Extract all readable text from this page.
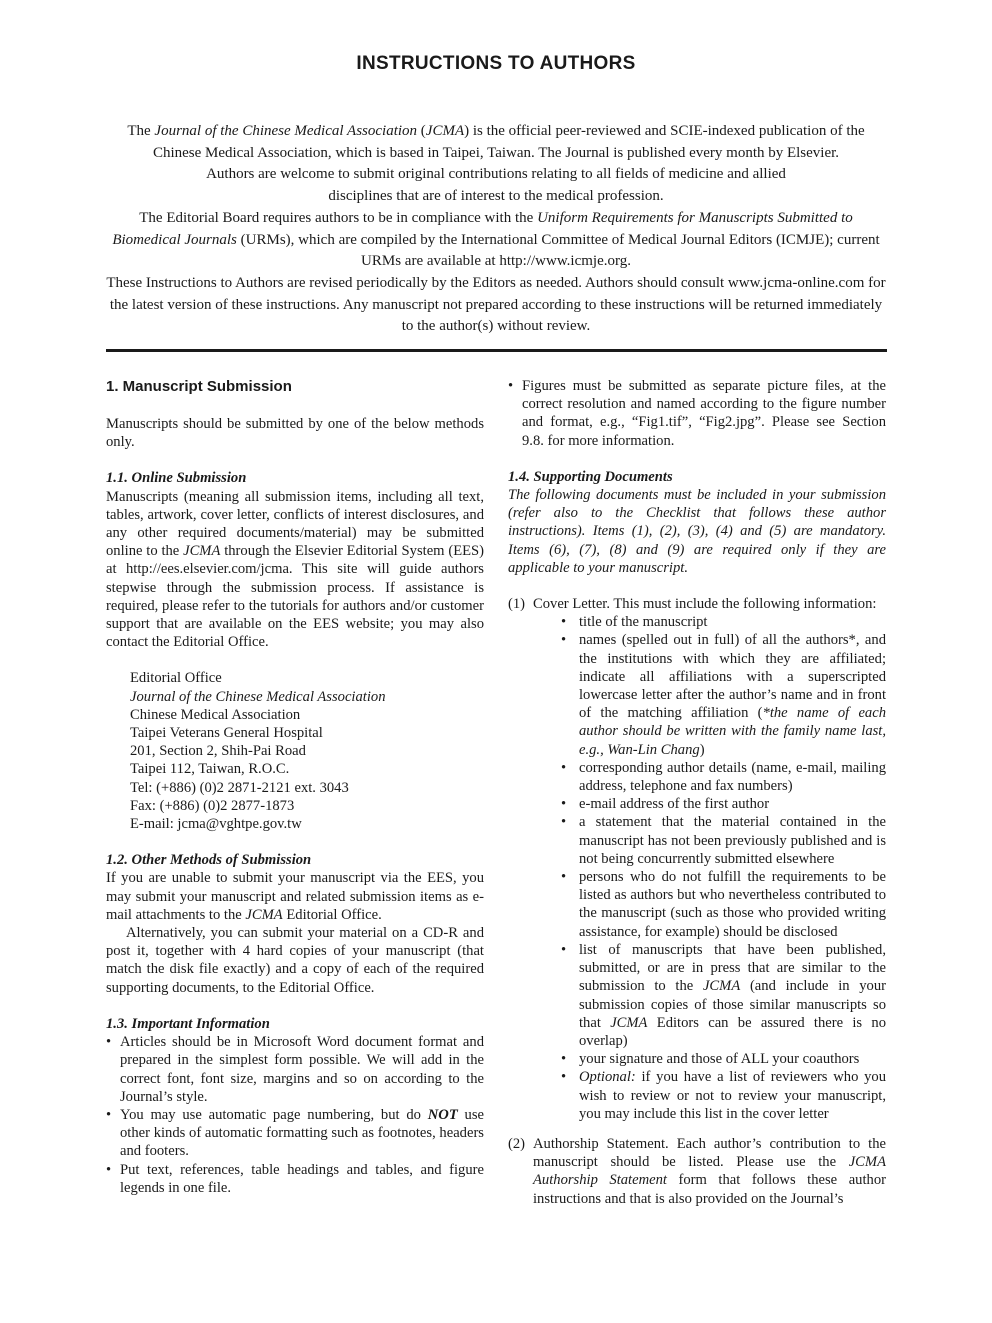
INSTRUCTIONS TO AUTHORS

The Journal of the Chinese Medical Association (JCMA) is the official peer-reviewed and SCIE-indexed publication of the Chinese Medical Association, which is based in Taipei, Taiwan. The Journal is published every month by Elsevier.

Authors are welcome to submit original contributions relating to all fields of medicine and allied

disciplines that are of interest to the medical profession.

The Editorial Board requires authors to be in compliance with the Uniform Requirements for Manuscripts Submitted to Biomedical Journals (URMs), which are compiled by the International Committee of Medical Journal Editors (ICMJE); current URMs are available at http://www.icmje.org.

These Instructions to Authors are revised periodically by the Editors as needed. Authors should consult www.jcma-online.com for the latest version of these instructions. Any manuscript not prepared according to these instructions will be returned immediately to the author(s) without review.

1. Manuscript Submission

Manuscripts should be submitted by one of the below methods only.

1.1. Online Submission

Manuscripts (meaning all submission items, including all text, tables, artwork, cover letter, conflicts of interest disclosures, and any other required documents/material) may be submitted online to the JCMA through the Elsevier Editorial System (EES) at http://ees.elsevier.com/jcma. This site will guide authors stepwise through the submission process. If assistance is required, please refer to the tutorials for authors and/or customer support that are available on the EES website; you may also contact the Editorial Office.

Editorial Office
Journal of the Chinese Medical Association
Chinese Medical Association
Taipei Veterans General Hospital
201, Section 2, Shih-Pai Road
Taipei 112, Taiwan, R.O.C.
Tel: (+886) (0)2 2871-2121 ext. 3043
Fax: (+886) (0)2 2877-1873
E-mail: jcma@vghtpe.gov.tw

1.2. Other Methods of Submission

If you are unable to submit your manuscript via the EES, you may submit your manuscript and related submission items as e-mail attachments to the JCMA Editorial Office.

Alternatively, you can submit your material on a CD-R and post it, together with 4 hard copies of your manuscript (that match the disk file exactly) and a copy of each of the required supporting documents, to the Editorial Office.

1.3. Important Information

• Articles should be in Microsoft Word document format and prepared in the simplest form possible. We will add in the correct font, font size, margins and so on according to the Journal’s style.
• You may use automatic page numbering, but do NOT use other kinds of automatic formatting such as footnotes, headers and footers.
• Put text, references, table headings and tables, and figure legends in one file.
• Figures must be submitted as separate picture files, at the correct resolution and named according to the figure number and format, e.g., “Fig1.tif”, “Fig2.jpg”. Please see Section 9.8. for more information.

1.4. Supporting Documents

The following documents must be included in your submission (refer also to the Checklist that follows these author instructions). Items (1), (2), (3), (4) and (5) are mandatory. Items (6), (7), (8) and (9) are required only if they are applicable to your manuscript.

(1) Cover Letter. This must include the following information:
• title of the manuscript
• names (spelled out in full) of all the authors*, and the institutions with which they are affiliated; indicate all affiliations with a superscripted lowercase letter after the author’s name and in front of the matching affiliation (*the name of each author should be written with the family name last, e.g., Wan-Lin Chang)
• corresponding author details (name, e-mail, mailing address, telephone and fax numbers)
• e-mail address of the first author
• a statement that the material contained in the manuscript has not been previously published and is not being concurrently submitted elsewhere
• persons who do not fulfill the requirements to be listed as authors but who nevertheless contributed to the manuscript (such as those who provided writing assistance, for example) should be disclosed
• list of manuscripts that have been published, submitted, or are in press that are similar to the submission to the JCMA (and include in your submission copies of those similar manuscripts so that JCMA Editors can be assured there is no overlap)
• your signature and those of ALL your coauthors
• Optional: if you have a list of reviewers who you wish to review or not to review your manuscript, you may include this list in the cover letter
(2) Authorship Statement. Each author’s contribution to the manuscript should be listed. Please use the JCMA Authorship Statement form that follows these author instructions and that is also provided on the Journal’s
